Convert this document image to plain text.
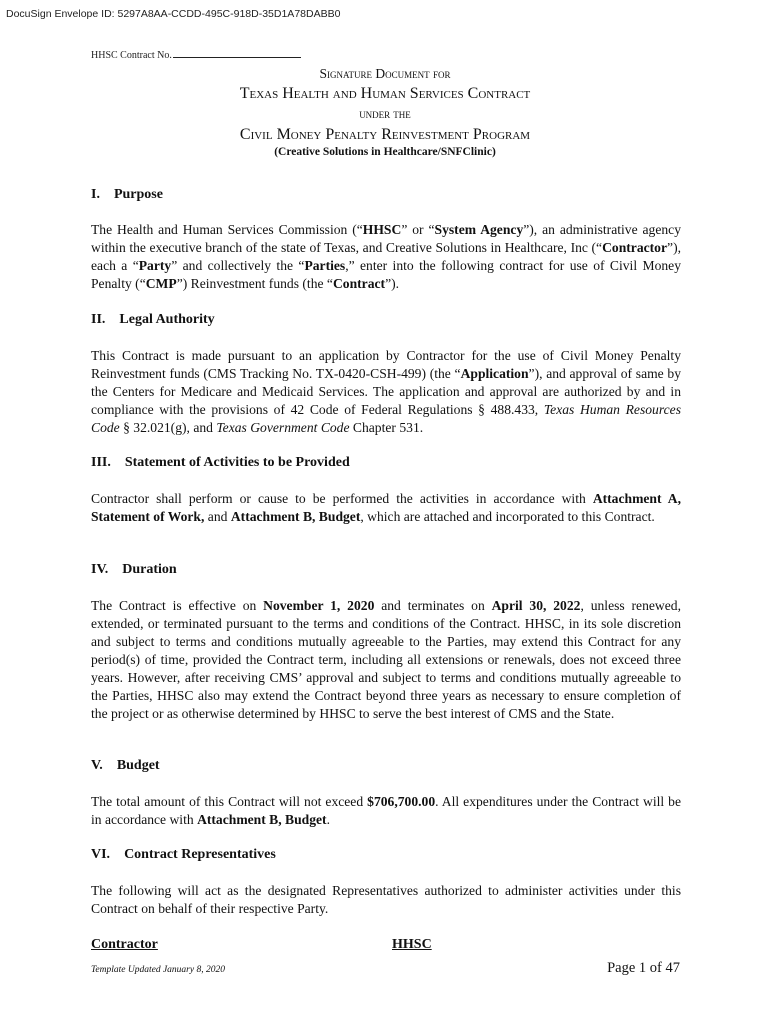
DocuSign Envelope ID: 5297A8AA-CCDD-495C-918D-35D1A78DABB0
HHSC Contract No.
Signature Document for
Texas Health and Human Services Contract
under the
Civil Money Penalty Reinvestment Program
(Creative Solutions in Healthcare/SNFClinic)
I. Purpose

The Health and Human Services Commission (“HHSC” or “System Agency”), an administrative agency within the executive branch of the state of Texas, and Creative Solutions in Healthcare, Inc (“Contractor”), each a “Party” and collectively the “Parties,” enter into the following contract for use of Civil Money Penalty (“CMP”) Reinvestment funds (the “Contract”).

II. Legal Authority

This Contract is made pursuant to an application by Contractor for the use of Civil Money Penalty Reinvestment funds (CMS Tracking No. TX-0420-CSH-499) (the “Application”), and approval of same by the Centers for Medicare and Medicaid Services. The application and approval are authorized by and in compliance with the provisions of 42 Code of Federal Regulations § 488.433, Texas Human Resources Code § 32.021(g), and Texas Government Code Chapter 531.

III. Statement of Activities to be Provided

Contractor shall perform or cause to be performed the activities in accordance with Attachment A, Statement of Work, and Attachment B, Budget, which are attached and incorporated to this Contract.

IV. Duration

The Contract is effective on November 1, 2020 and terminates on April 30, 2022, unless renewed, extended, or terminated pursuant to the terms and conditions of the Contract. HHSC, in its sole discretion and subject to terms and conditions mutually agreeable to the Parties, may extend this Contract for any period(s) of time, provided the Contract term, including all extensions or renewals, does not exceed three years. However, after receiving CMS’ approval and subject to terms and conditions mutually agreeable to the Parties, HHSC also may extend the Contract beyond three years as necessary to ensure completion of the project or as otherwise determined by HHSC to serve the best interest of CMS and the State.

V. Budget

The total amount of this Contract will not exceed $706,700.00. All expenditures under the Contract will be in accordance with Attachment B, Budget.

VI. Contract Representatives

The following will act as the designated Representatives authorized to administer activities under this Contract on behalf of their respective Party.

Contractor	HHSC
Template Updated January 8, 2020	Page 1 of 47
